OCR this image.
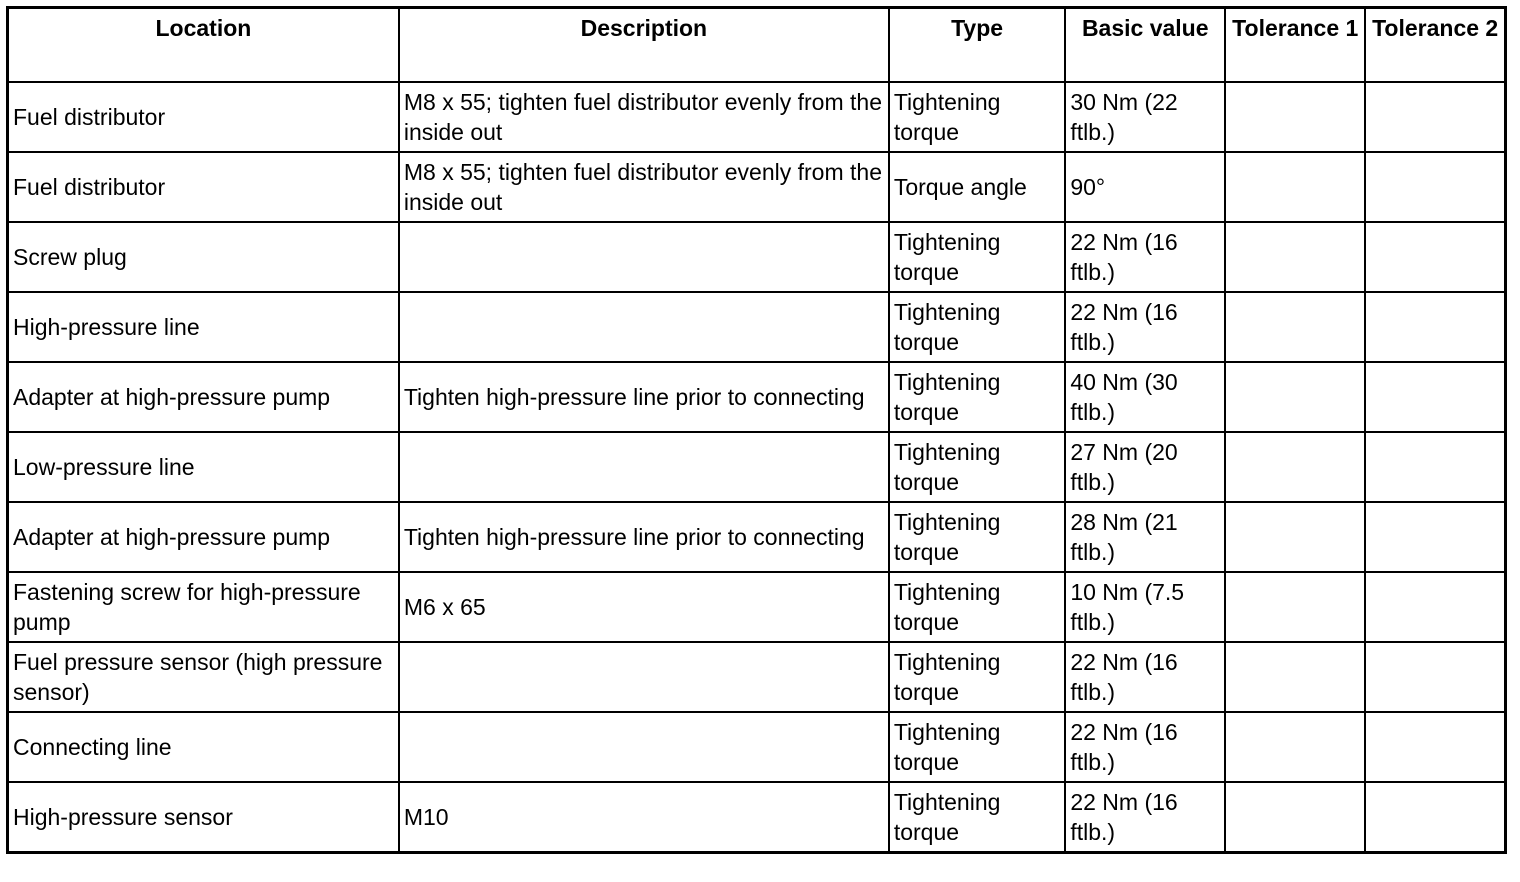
Location	Description	Type	Basic value	Tolerance 1	Tolerance 2
Fuel distributor	M8 x 55; tighten fuel distributor evenly from the inside out	Tightening torque	30 Nm (22 ftlb.)		
Fuel distributor	M8 x 55; tighten fuel distributor evenly from the inside out	Torque angle	90°		
Screw plug		Tightening torque	22 Nm (16 ftlb.)		
High-pressure line		Tightening torque	22 Nm (16 ftlb.)		
Adapter at high-pressure pump	Tighten high-pressure line prior to connecting	Tightening torque	40 Nm (30 ftlb.)		
Low-pressure line		Tightening torque	27 Nm (20 ftlb.)		
Adapter at high-pressure pump	Tighten high-pressure line prior to connecting	Tightening torque	28 Nm (21 ftlb.)		
Fastening screw for high-pressure pump	M6 x 65	Tightening torque	10 Nm (7.5 ftlb.)		
Fuel pressure sensor (high pressure sensor)		Tightening torque	22 Nm (16 ftlb.)		
Connecting line		Tightening torque	22 Nm (16 ftlb.)		
High-pressure sensor	M10	Tightening torque	22 Nm (16 ftlb.)		
